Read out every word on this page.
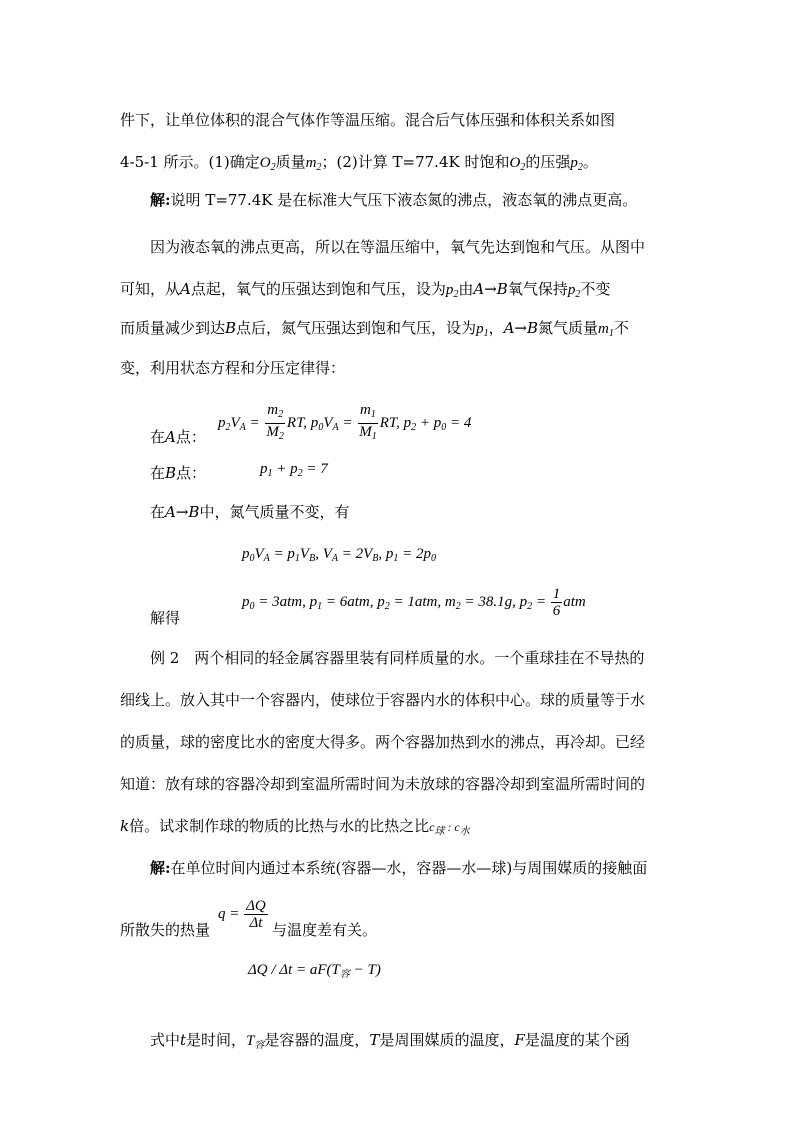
件下，让单位体积的混合气体作等温压缩。混合后气体压强和体积关系如图
4-5-1 所示。(1)确定$O_2$质量$m_2$；(2)计算 T=77.4K 时饱和$O_2$的压强$p_2$。
解:说明 T=77.4K 是在标准大气压下液态氮的沸点，液态氧的沸点更高。
因为液态氧的沸点更高，所以在等温压缩中，氧气先达到饱和气压。从图中
可知，从A点起，氧气的压强达到饱和气压，设为$p_2$由A→B氧气保持$p_2$不变
而质量减少到达B点后，氮气压强达到饱和气压，设为$p_1$，A→B氮气质量$m_1$不
变，利用状态方程和分压定律得：
在A点：
$p_2V_A = \frac{m_2}{M_2}$ RT, $p_0V_A = \frac{m_1}{M_1}$ RT, $p_2 + p_0 = 4$
在B点：	$p_1 + p_2 = 7$
在A→B中，氮气质量不变，有
$p_0V_A = p_1V_B$, $V_A = 2V_B$, $p_1 = 2p_0$
解得
$p_0 = 3atm$, $p_1 = 6atm$, $p_2 = 1atm$, $m_2 = 38.1g$, $p_2 = \frac{1}{6}$ atm
例 2　两个相同的轻金属容器里装有同样质量的水。一个重球挂在不导热的
细线上。放入其中一个容器内，使球位于容器内水的体积中心。球的质量等于水
的质量，球的密度比水的密度大得多。两个容器加热到水的沸点，再冷却。已经
知道：放有球的容器冷却到室温所需时间为未放球的容器冷却到室温所需时间的
k倍。试求制作球的物质的比热与水的比热之比$c_球$ : $c_水$
解:在单位时间内通过本系统(容器—水，容器—水—球)与周围媒质的接触面
所散失的热量
$q = \frac{\Delta Q}{\Delta t}$ 与温度差有关。
$\Delta Q / \Delta t = aF(T_容 - T)$
式中t是时间，$T_容$是容器的温度，T是周围媒质的温度，F是温度的某个函
